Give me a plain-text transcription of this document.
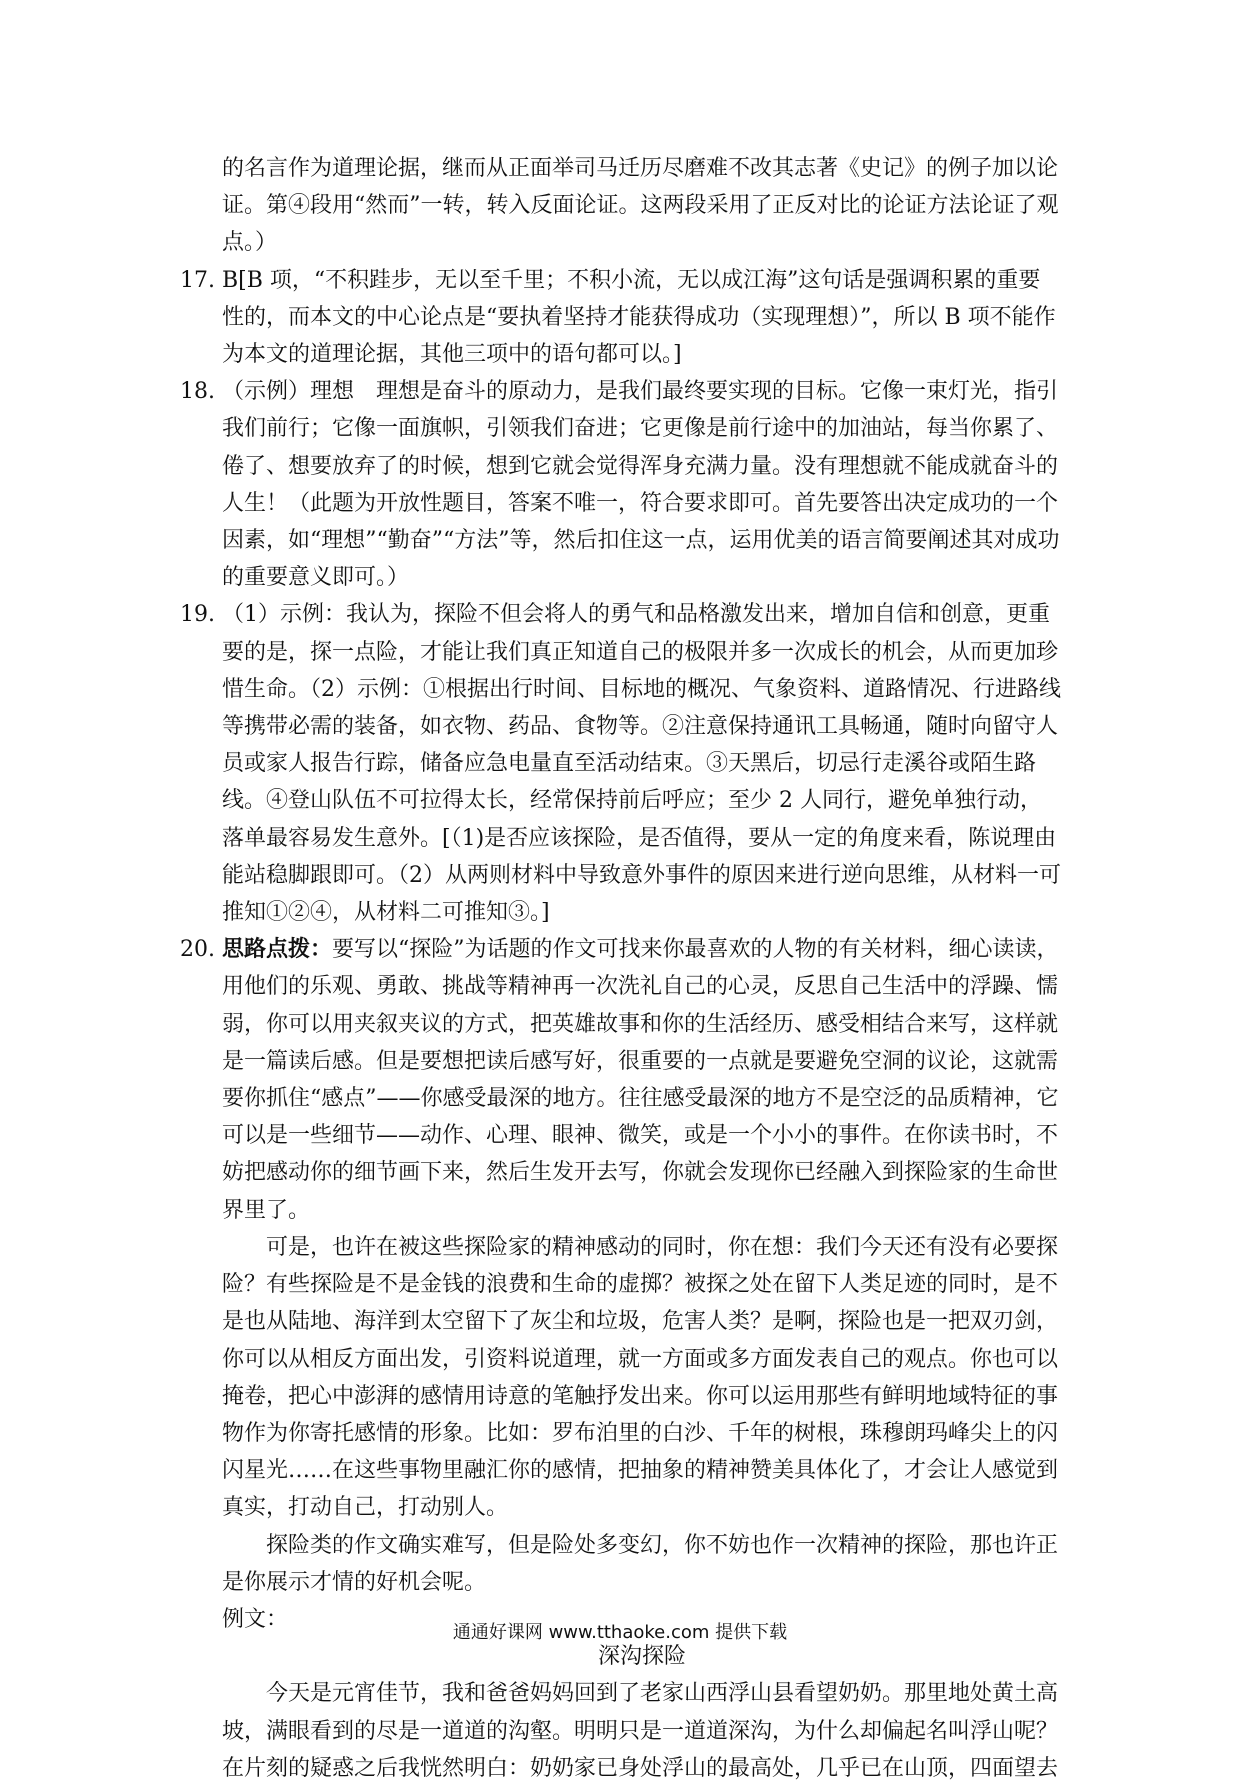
的名言作为道理论据，继而从正面举司马迁历尽磨难不改其志著《史记》的例子加以论证。第④段用“然而”一转，转入反面论证。这两段采用了正反对比的论证方法论证了观点。）

17. B[B 项，“不积跬步，无以至千里；不积小流，无以成江海”这句话是强调积累的重要性的，而本文的中心论点是“要执着坚持才能获得成功（实现理想）”，所以 B 项不能作为本文的道理论据，其他三项中的语句都可以。]

18. （示例）理想　理想是奋斗的原动力，是我们最终要实现的目标。它像一束灯光，指引我们前行；它像一面旗帜，引领我们奋进；它更像是前行途中的加油站，每当你累了、倦了、想要放弃了的时候，想到它就会觉得浑身充满力量。没有理想就不能成就奋斗的人生！（此题为开放性题目，答案不唯一，符合要求即可。首先要答出决定成功的一个因素，如“理想”“勤奋”“方法”等，然后扣住这一点，运用优美的语言简要阐述其对成功的重要意义即可。）

19. （1）示例：我认为，探险不但会将人的勇气和品格激发出来，增加自信和创意，更重要的是，探一点险，才能让我们真正知道自己的极限并多一次成长的机会，从而更加珍惜生命。（2）示例：①根据出行时间、目标地的概况、气象资料、道路情况、行进路线等携带必需的装备，如衣物、药品、食物等。②注意保持通讯工具畅通，随时向留守人员或家人报告行踪，储备应急电量直至活动结束。③天黑后，切忌行走溪谷或陌生路线。④登山队伍不可拉得太长，经常保持前后呼应；至少 2 人同行，避免单独行动，落单最容易发生意外。[（1)是否应该探险，是否值得，要从一定的角度来看，陈说理由能站稳脚跟即可。（2）从两则材料中导致意外事件的原因来进行逆向思维，从材料一可推知①②④，从材料二可推知③。]

20. 思路点拨：要写以“探险”为话题的作文可找来你最喜欢的人物的有关材料，细心读读，用他们的乐观、勇敢、挑战等精神再一次洗礼自己的心灵，反思自己生活中的浮躁、懦弱，你可以用夹叙夹议的方式，把英雄故事和你的生活经历、感受相结合来写，这样就是一篇读后感。但是要想把读后感写好，很重要的一点就是要避免空洞的议论，这就需要你抓住“感点”——你感受最深的地方。往往感受最深的地方不是空泛的品质精神，它可以是一些细节——动作、心理、眼神、微笑，或是一个小小的事件。在你读书时，不妨把感动你的细节画下来，然后生发开去写，你就会发现你已经融入到探险家的生命世界里了。

可是，也许在被这些探险家的精神感动的同时，你在想：我们今天还有没有必要探险？有些探险是不是金钱的浪费和生命的虚掷？被探之处在留下人类足迹的同时，是不是也从陆地、海洋到太空留下了灰尘和垃圾，危害人类？是啊，探险也是一把双刃剑，你可以从相反方面出发，引资料说道理，就一方面或多方面发表自己的观点。你也可以掩卷，把心中澎湃的感情用诗意的笔触抒发出来。你可以运用那些有鲜明地域特征的事物作为你寄托感情的形象。比如：罗布泊里的白沙、千年的树根，珠穆朗玛峰尖上的闪闪星光……在这些事物里融汇你的感情，把抽象的精神赞美具体化了，才会让人感觉到真实，打动自己，打动别人。

探险类的作文确实难写，但是险处多变幻，你不妨也作一次精神的探险，那也许正是你展示才情的好机会呢。

例文：

深沟探险

今天是元宵佳节，我和爸爸妈妈回到了老家山西浮山县看望奶奶。那里地处黄土高坡，满眼看到的尽是一道道的沟壑。明明只是一道道深沟，为什么却偏起名叫浮山呢？在片刻的疑惑之后我恍然明白：奶奶家已身处浮山的最高处，几乎已在山顶，四面望去

通通好课网 www.tthaoke.com 提供下载
